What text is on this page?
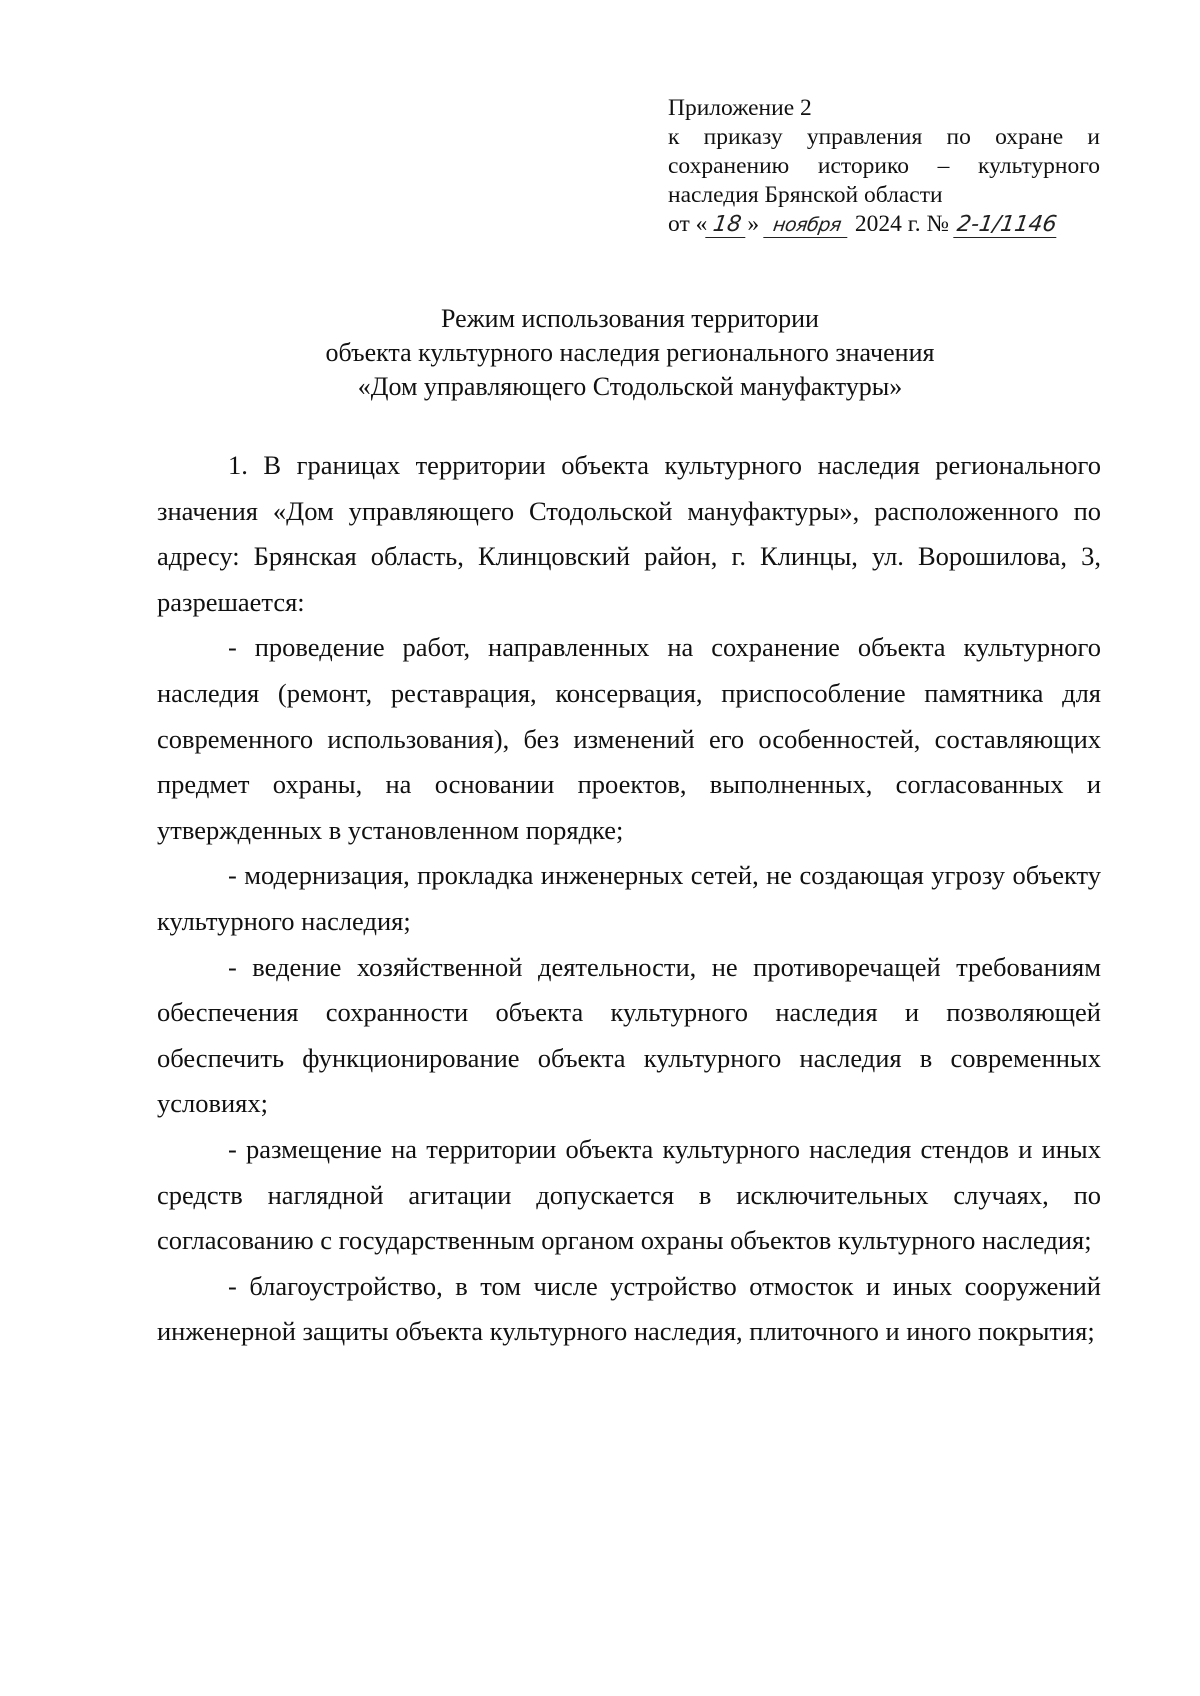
Приложение 2
к приказу управления по охране и
сохранению историко – культурного
наследия Брянской области
от « 18 » ноября 2024 г. № 2-1/1146
Режим использования территории
объекта культурного наследия регионального значения
«Дом управляющего Стодольской мануфактуры»

1. В границах территории объекта культурного наследия регионального значения «Дом управляющего Стодольской мануфактуры», расположенного по адресу: Брянская область, Клинцовский район, г. Клинцы, ул. Ворошилова, 3, разрешается:

- проведение работ, направленных на сохранение объекта культурного наследия (ремонт, реставрация, консервация, приспособление памятника для современного использования), без изменений его особенностей, составляющих предмет охраны, на основании проектов, выполненных, согласованных и утвержденных в установленном порядке;

- модернизация, прокладка инженерных сетей, не создающая угрозу объекту культурного наследия;

- ведение хозяйственной деятельности, не противоречащей требованиям обеспечения сохранности объекта культурного наследия и позволяющей обеспечить функционирование объекта культурного наследия в современных условиях;

- размещение на территории объекта культурного наследия стендов и иных средств наглядной агитации допускается в исключительных случаях, по согласованию с государственным органом охраны объектов культурного наследия;

- благоустройство, в том числе устройство отмосток и иных сооружений инженерной защиты объекта культурного наследия, плиточного и иного покрытия;
